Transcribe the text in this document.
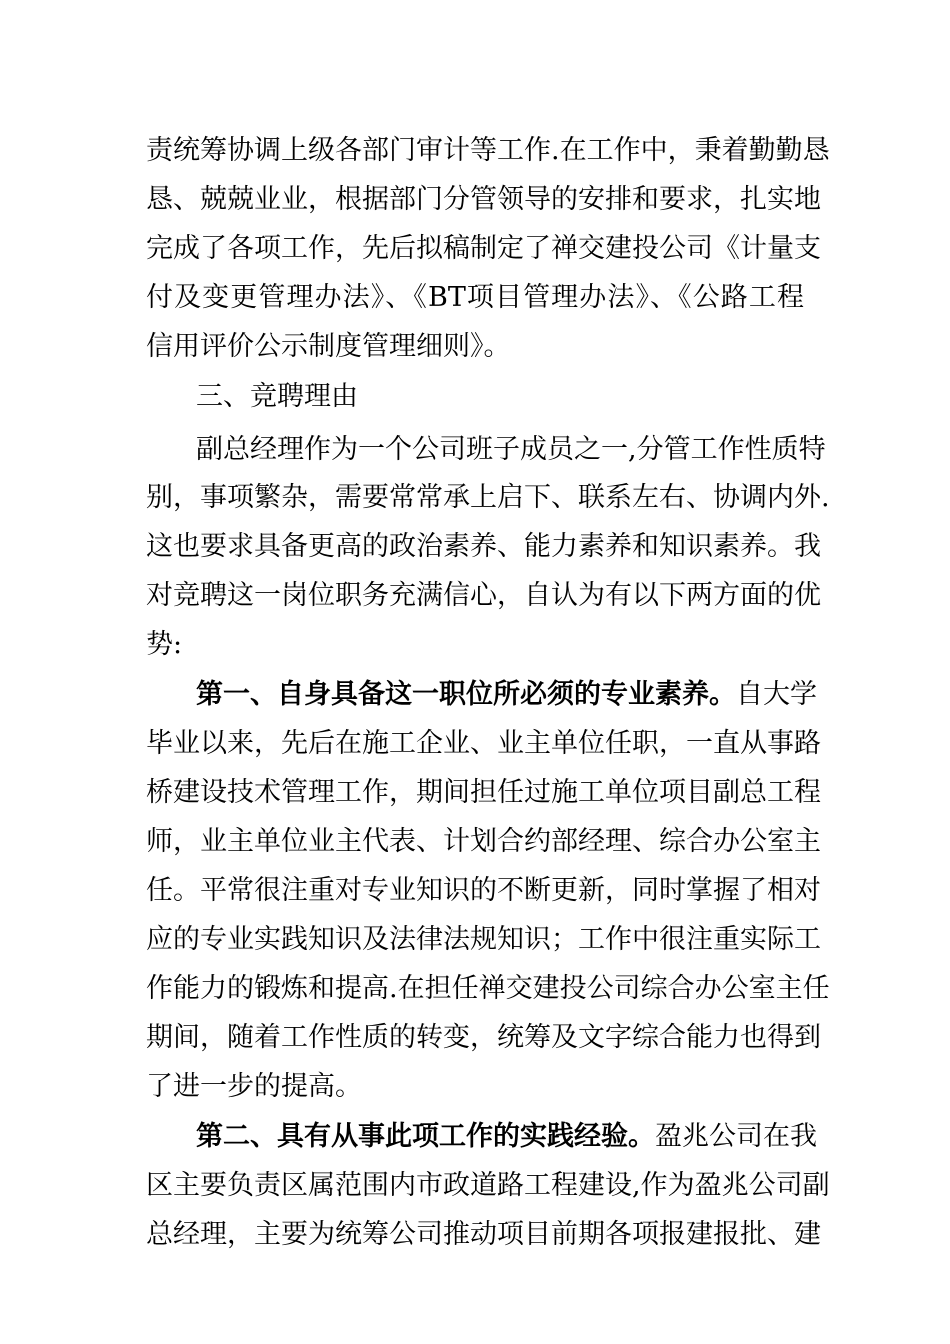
责统筹协调上级各部门审计等工作.在工作中，秉着勤勤恳
恳、兢兢业业，根据部门分管领导的安排和要求，扎实地
完成了各项工作，先后拟稿制定了禅交建投公司《计量支
付及变更管理办法》、《BT项目管理办法》、《公路工程
信用评价公示制度管理细则》。
三、竞聘理由
副总经理作为一个公司班子成员之一,分管工作性质特
别，事项繁杂，需要常常承上启下、联系左右、协调内外.
这也要求具备更高的政治素养、能力素养和知识素养。我
对竞聘这一岗位职务充满信心，自认为有以下两方面的优
势:
第一、自身具备这一职位所必须的专业素养。自大学
毕业以来，先后在施工企业、业主单位任职，一直从事路
桥建设技术管理工作，期间担任过施工单位项目副总工程
师，业主单位业主代表、计划合约部经理、综合办公室主
任。平常很注重对专业知识的不断更新，同时掌握了相对
应的专业实践知识及法律法规知识；工作中很注重实际工
作能力的锻炼和提高.在担任禅交建投公司综合办公室主任
期间，随着工作性质的转变，统筹及文字综合能力也得到
了进一步的提高。
第二、具有从事此项工作的实践经验。盈兆公司在我
区主要负责区属范围内市政道路工程建设,作为盈兆公司副
总经理，主要为统筹公司推动项目前期各项报建报批、建
